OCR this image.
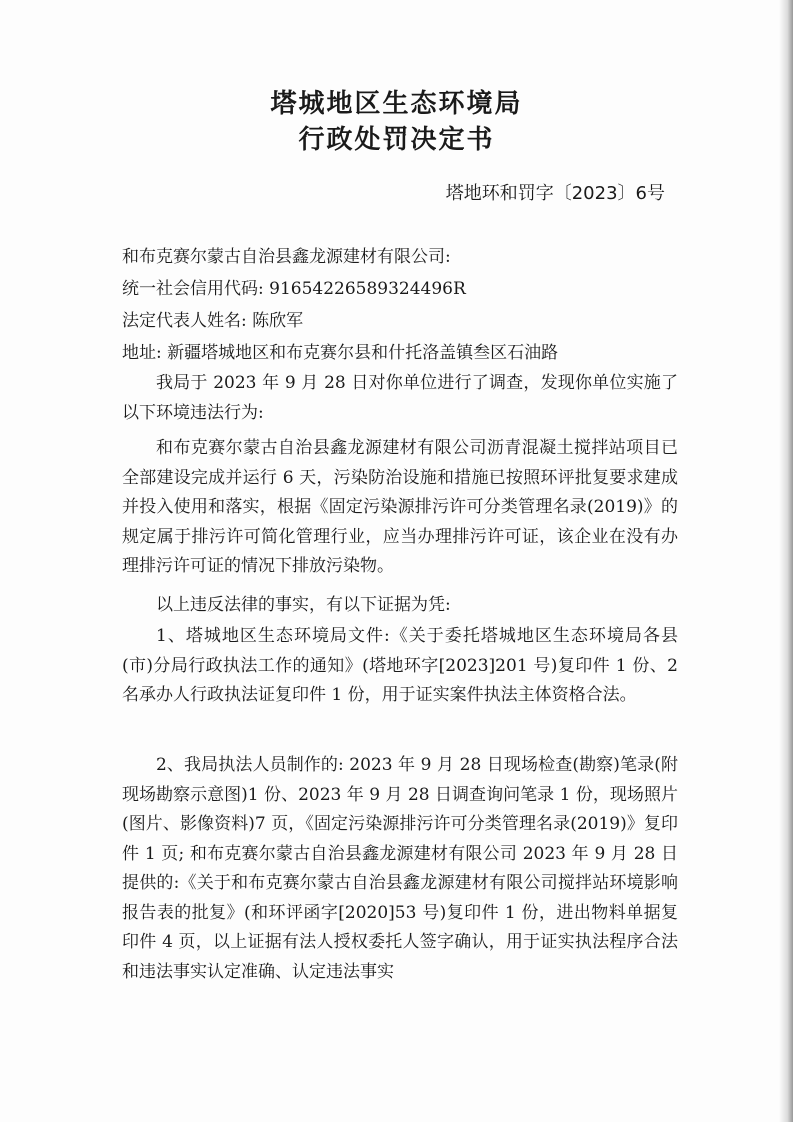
塔城地区生态环境局
行政处罚决定书
塔地环和罚字〔2023〕6号
和布克赛尔蒙古自治县鑫龙源建材有限公司:
统一社会信用代码: 91654226589324496R
法定代表人姓名: 陈欣军
地址: 新疆塔城地区和布克赛尔县和什托洛盖镇叁区石油路

我局于 2023 年 9 月 28 日对你单位进行了调查，发现你单位实施了以下环境违法行为:

和布克赛尔蒙古自治县鑫龙源建材有限公司沥青混凝土搅拌站项目已全部建设完成并运行 6 天，污染防治设施和措施已按照环评批复要求建成并投入使用和落实，根据《固定污染源排污许可分类管理名录(2019)》的规定属于排污许可简化管理行业，应当办理排污许可证，该企业在没有办理排污许可证的情况下排放污染物。

以上违反法律的事实，有以下证据为凭:

1、塔城地区生态环境局文件:《关于委托塔城地区生态环境局各县(市)分局行政执法工作的通知》(塔地环字[2023]201 号)复印件 1 份、2 名承办人行政执法证复印件 1 份，用于证实案件执法主体资格合法。

2、我局执法人员制作的: 2023 年 9 月 28 日现场检查(勘察)笔录(附现场勘察示意图)1 份、2023 年 9 月 28 日调查询问笔录 1 份，现场照片(图片、影像资料)7 页，《固定污染源排污许可分类管理名录(2019)》复印件 1 页; 和布克赛尔蒙古自治县鑫龙源建材有限公司 2023 年 9 月 28 日提供的:《关于和布克赛尔蒙古自治县鑫龙源建材有限公司搅拌站环境影响报告表的批复》(和环评函字[2020]53 号)复印件 1 份，进出物料单据复印件 4 页，以上证据有法人授权委托人签字确认，用于证实执法程序合法和违法事实认定准确、认定违法事实
